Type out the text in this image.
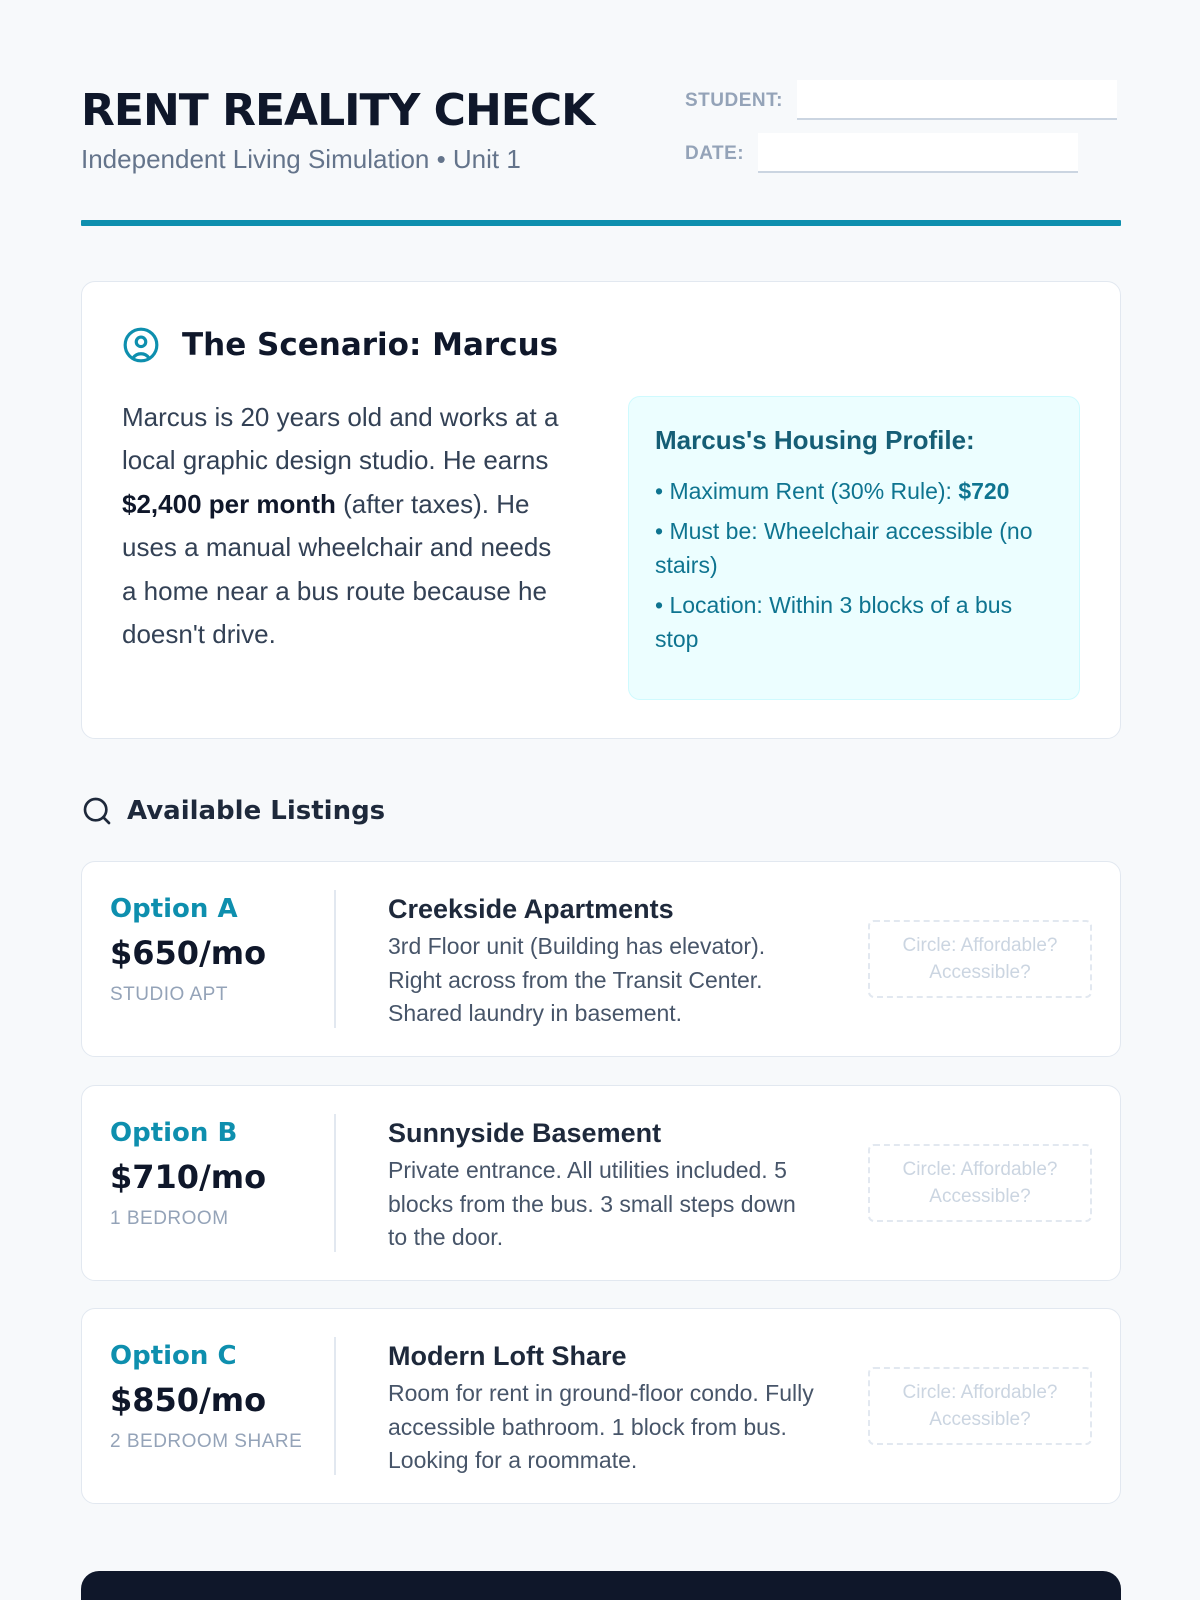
RENT REALITY CHECK
Independent Living Simulation • Unit 1
STUDENT:
DATE:
The Scenario: Marcus

Marcus is 20 years old and works at a local graphic design studio. He earns $2,400 per month (after taxes). He uses a manual wheelchair and needs a home near a bus route because he doesn't drive.

Marcus's Housing Profile:
• Maximum Rent (30% Rule): $720
• Must be: Wheelchair accessible (no stairs)
• Location: Within 3 blocks of a bus stop
Available Listings
Option A
$650/mo
STUDIO APT
Creekside Apartments
3rd Floor unit (Building has elevator). Right across from the Transit Center. Shared laundry in basement.
Circle: Affordable? Accessible?
Option B
$710/mo
1 BEDROOM
Sunnyside Basement
Private entrance. All utilities included. 5 blocks from the bus. 3 small steps down to the door.
Circle: Affordable? Accessible?
Option C
$850/mo
2 BEDROOM SHARE
Modern Loft Share
Room for rent in ground-floor condo. Fully accessible bathroom. 1 block from bus. Looking for a roommate.
Circle: Affordable? Accessible?
